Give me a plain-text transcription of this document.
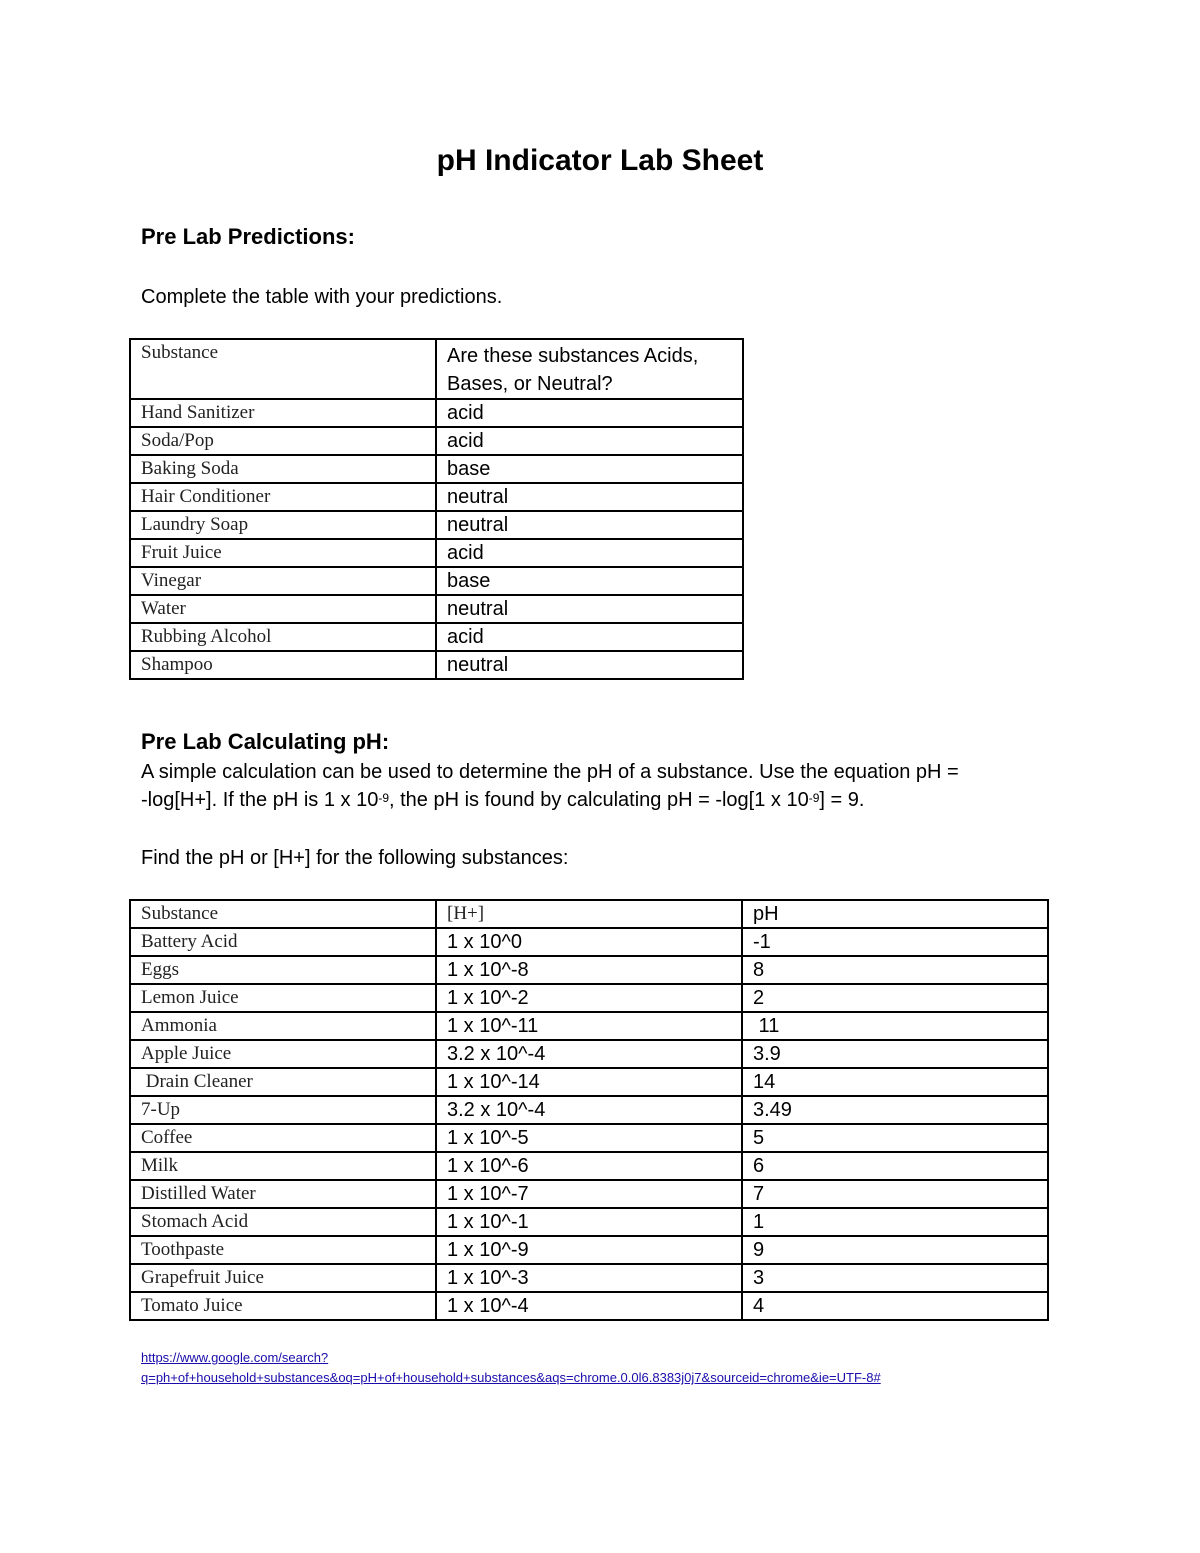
pH Indicator Lab Sheet

Pre Lab Predictions:

Complete the table with your predictions.

Substance	Are these substances Acids, Bases, or Neutral?
Hand Sanitizer	acid
Soda/Pop	acid
Baking Soda	base
Hair Conditioner	neutral
Laundry Soap	neutral
Fruit Juice	acid
Vinegar	base
Water	neutral
Rubbing Alcohol	acid
Shampoo	neutral

Pre Lab Calculating pH:

A simple calculation can be used to determine the pH of a substance. Use the equation pH =

-log[H+]. If the pH is 1 x $10^{-9}$, the pH is found by calculating pH = -log[1 x $10^{-9}] = 9$.

Find the pH or [H+] for the following substances:

Substance	[H+]	pH
Battery Acid	1 x 10^0	-1
Eggs	1 x 10^-8	8
Lemon Juice	1 x 10^-2	2
Ammonia	1 x 10^-11	11
Apple Juice	3.2 x 10^-4	3.9
Drain Cleaner	1 x 10^-14	14
7-Up	3.2 x 10^-4	3.49
Coffee	1 x 10^-5	5
Milk	1 x 10^-6	6
Distilled Water	1 x 10^-7	7
Stomach Acid	1 x 10^-1	1
Toothpaste	1 x 10^-9	9
Grapefruit Juice	1 x 10^-3	3
Tomato Juice	1 x 10^-4	4
https://www.google.com/search?
q=ph+of+household+substances&oq=pH+of+household+substances&aqs=chrome.0.0l6.8383j0j7&sourceid=chrome&ie=UTF-8#
